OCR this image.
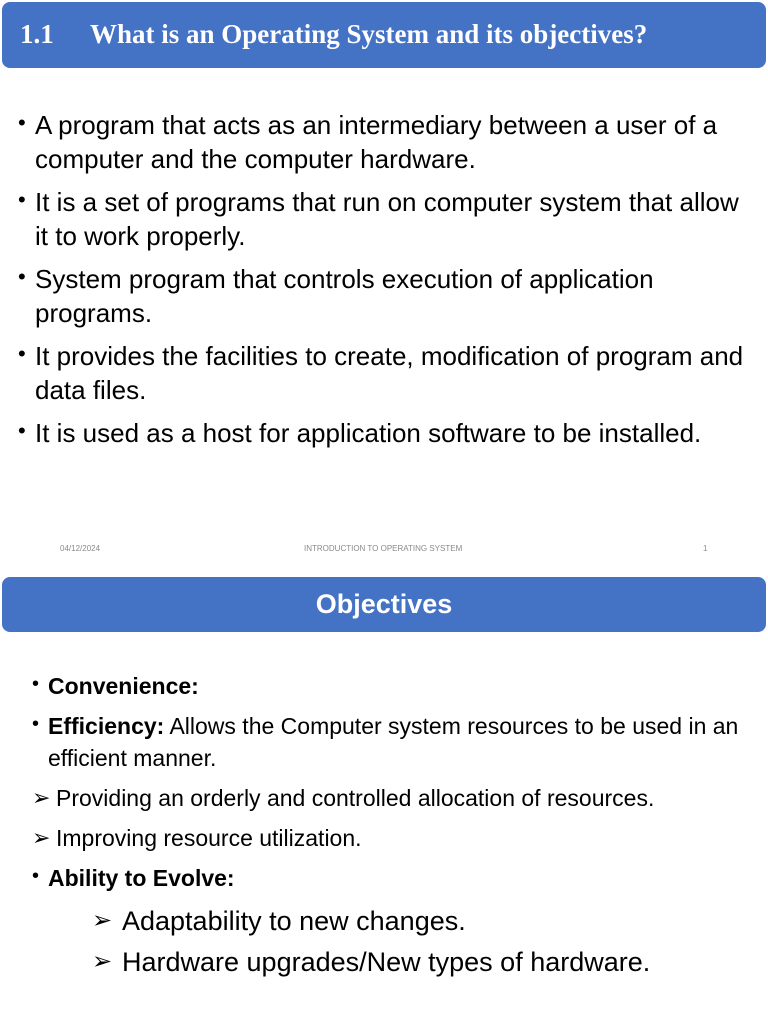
1.1 What is an Operating System and its objectives?
• A program that acts as an intermediary between a user of a computer and the computer hardware.
• It is a set of programs that run on computer system that allow it to work properly.
• System program that controls execution of application programs.
• It provides the facilities to create, modification of program and data files.
• It is used as a host for application software to be installed.
04/12/2024	INTRODUCTION TO OPERATING SYSTEM	1
Objectives
• Convenience:
• Efficiency: Allows the Computer system resources to be used in an efficient manner.
➢ Providing an orderly and controlled allocation of resources.
➢ Improving resource utilization.
• Ability to Evolve:
➢ Adaptability to new changes.
➢ Hardware upgrades/New types of hardware.
